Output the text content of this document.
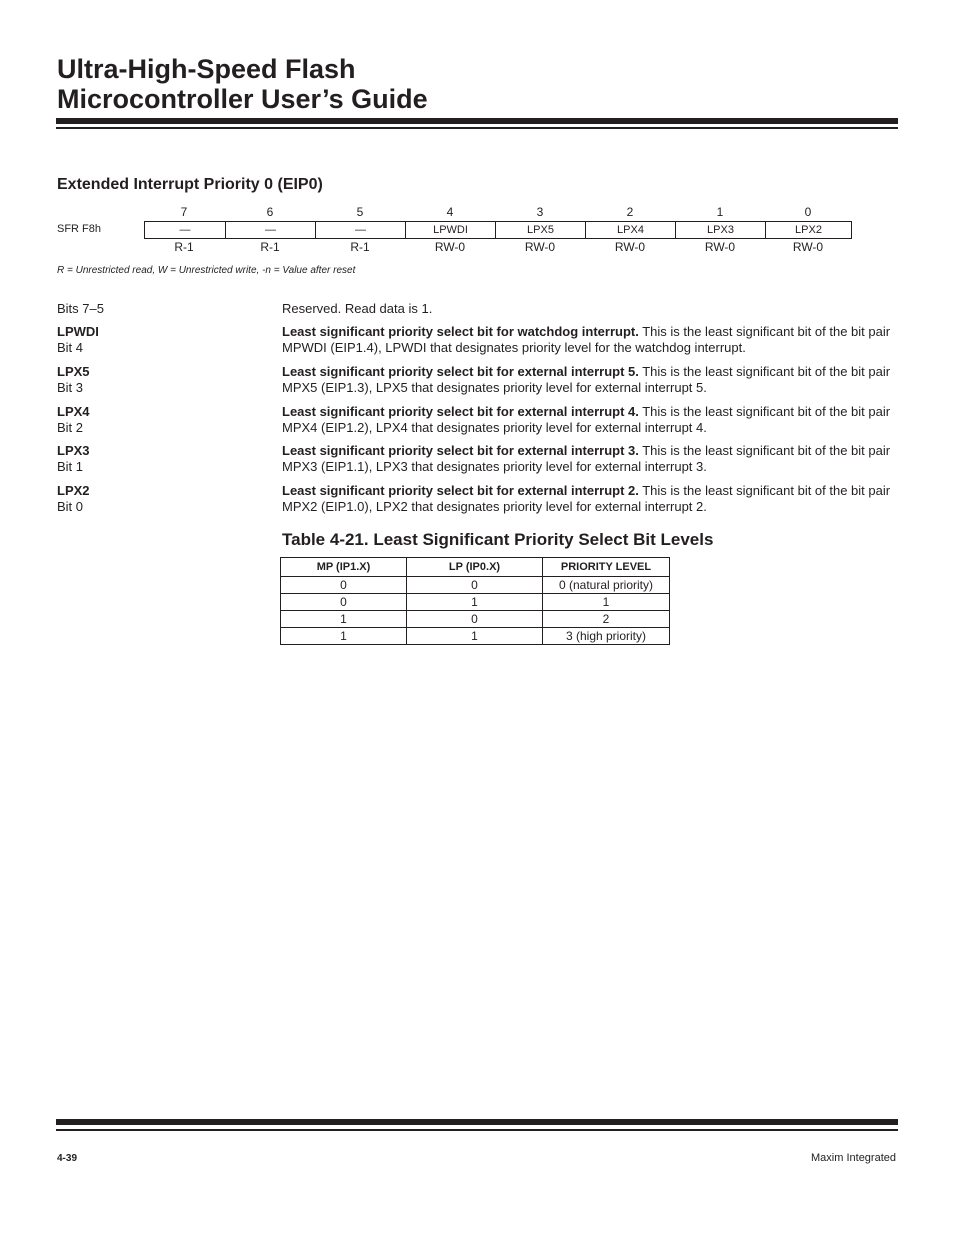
Ultra-High-Speed Flash
Microcontroller User’s Guide
Extended Interrupt Priority 0 (EIP0)
7	6	5	4	3	2	1	0
SFR F8h	—	—	—	LPWDI	LPX5	LPX4	LPX3	LPX2
R-1	R-1	R-1	RW-0	RW-0	RW-0	RW-0	RW-0
R = Unrestricted read, W = Unrestricted write, -n = Value after reset
Bits 7–5	Reserved. Read data is 1.

LPWDI
Bit 4

Least significant priority select bit for watchdog interrupt. This is the least significant bit of the bit pair MPWDI (EIP1.4), LPWDI that designates priority level for the watchdog interrupt.

LPX5
Bit 3

Least significant priority select bit for external interrupt 5. This is the least significant bit of the bit pair MPX5 (EIP1.3), LPX5 that designates priority level for external interrupt 5.

LPX4
Bit 2

Least significant priority select bit for external interrupt 4. This is the least significant bit of the bit pair MPX4 (EIP1.2), LPX4 that designates priority level for external interrupt 4.

LPX3
Bit 1

Least significant priority select bit for external interrupt 3. This is the least significant bit of the bit pair MPX3 (EIP1.1), LPX3 that designates priority level for external interrupt 3.

LPX2
Bit 0

Least significant priority select bit for external interrupt 2. This is the least significant bit of the bit pair MPX2 (EIP1.0), LPX2 that designates priority level for external interrupt 2.

Table 4-21. Least Significant Priority Select Bit Levels
MP (IP1.X)	LP (IP0.X)	PRIORITY LEVEL
0	0	0 (natural priority)
0	1	1
1	0	2
1	1	3 (high priority)
4-39	Maxim Integrated
